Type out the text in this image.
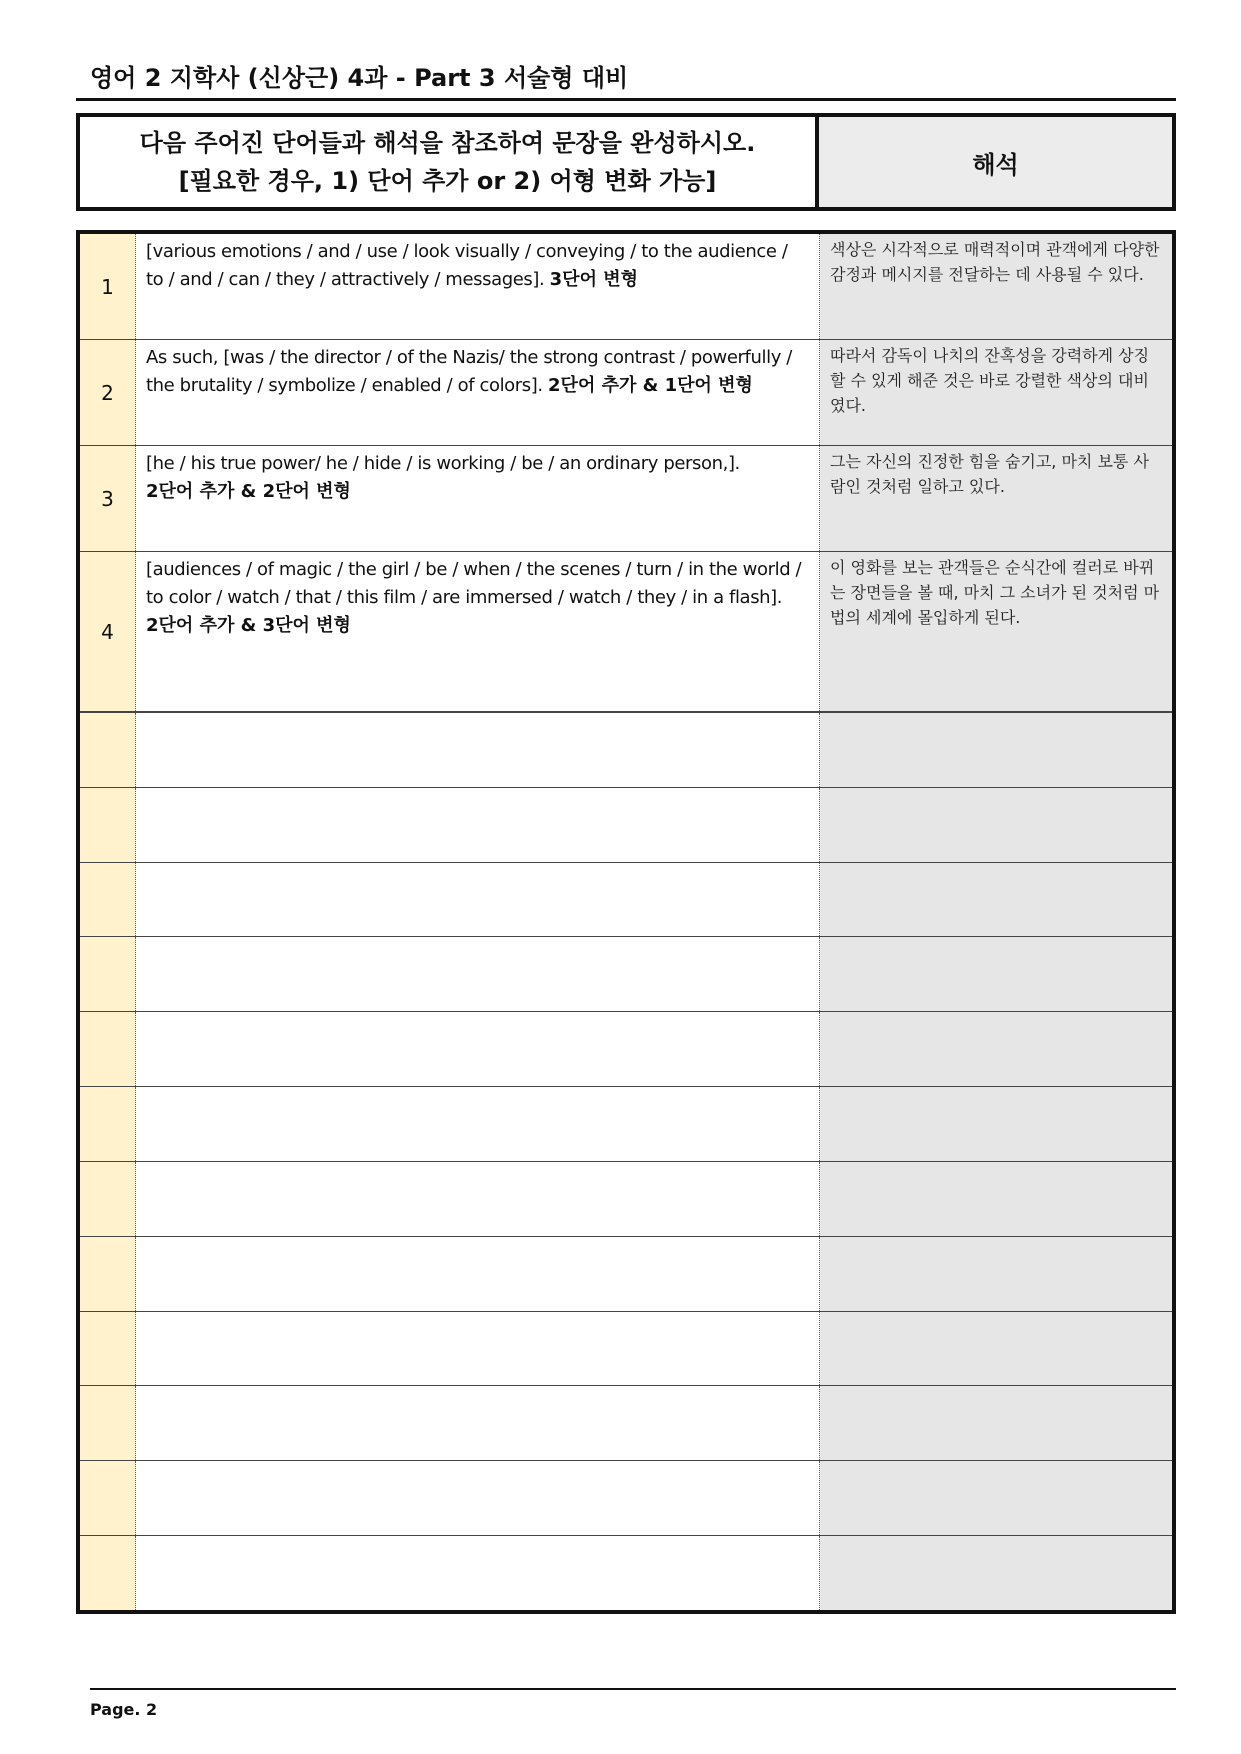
영어 2 지학사 (신상근) 4과 - Part 3 서술형 대비
다음 주어진 단어들과 해석을 참조하여 문장을 완성하시오.
[필요한 경우, 1) 단어 추가 or 2) 어형 변화 가능]
해석
1
[various emotions / and / use / look visually / conveying / to the audience / to / and / can / they / attractively / messages]. 3단어 변형
색상은 시각적으로 매력적이며 관객에게 다양한 감정과 메시지를 전달하는 데 사용될 수 있다.
2
As such, [was / the director / of the Nazis/ the strong contrast / powerfully / the brutality / symbolize / enabled / of colors]. 2단어 추가 & 1단어 변형
따라서 감독이 나치의 잔혹성을 강력하게 상징할 수 있게 해준 것은 바로 강렬한 색상의 대비였다.
3
[he / his true power/ he / hide / is working / be / an ordinary person,].
2단어 추가 & 2단어 변형
그는 자신의 진정한 힘을 숨기고, 마치 보통 사람인 것처럼 일하고 있다.
4
[audiences / of magic / the girl / be / when / the scenes / turn / in the world / to color / watch / that / this film / are immersed / watch / they / in a flash].
2단어 추가 & 3단어 변형
이 영화를 보는 관객들은 순식간에 컬러로 바뀌는 장면들을 볼 때, 마치 그 소녀가 된 것처럼 마법의 세계에 몰입하게 된다.
Page. 2
